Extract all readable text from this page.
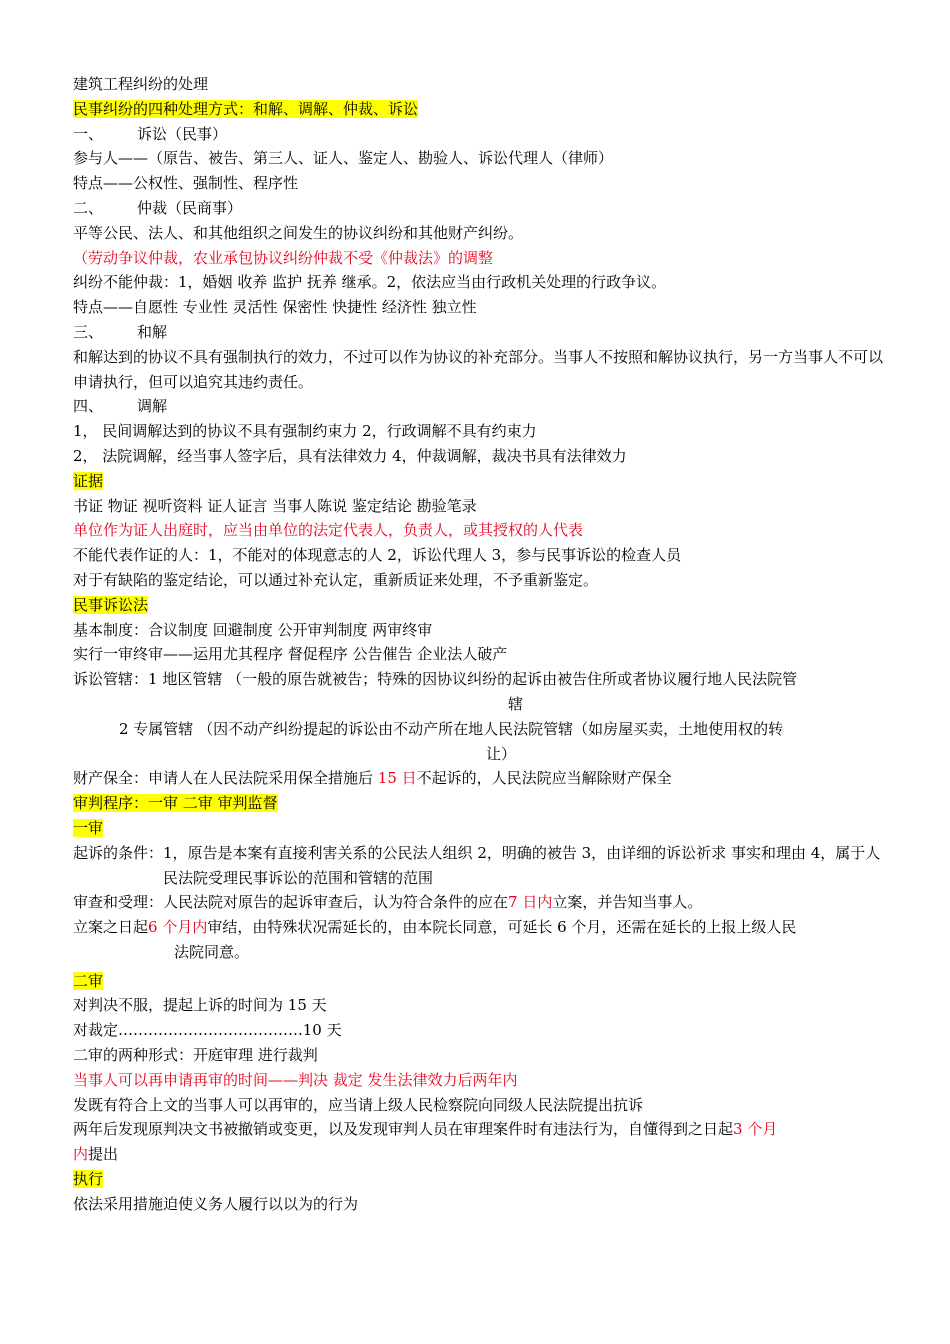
建筑工程纠纷的处理
民事纠纷的四种处理方式：和解、调解、仲裁、诉讼
一、 诉讼（民事）
参与人——（原告、被告、第三人、证人、鉴定人、勘验人、诉讼代理人（律师）
特点——公权性、强制性、程序性
二、 仲裁（民商事）
平等公民、法人、和其他组织之间发生的协议纠纷和其他财产纠纷。
（劳动争议仲裁，农业承包协议纠纷仲裁不受《仲裁法》的调整
纠纷不能仲裁：1，婚姻 收养 监护 抚养 继承。2，依法应当由行政机关处理的行政争议。
特点——自愿性 专业性 灵活性 保密性 快捷性 经济性 独立性
三、 和解
和解达到的协议不具有强制执行的效力，不过可以作为协议的补充部分。当事人不按照和解协议执行，另一方当事人不可以申请执行，但可以追究其违约责任。
四、 调解
1， 民间调解达到的协议不具有强制约束力 2，行政调解不具有约束力
2， 法院调解，经当事人签字后，具有法律效力 4，仲裁调解，裁决书具有法律效力
证据
书证 物证 视听资料 证人证言 当事人陈说 鉴定结论 勘验笔录
单位作为证人出庭时，应当由单位的法定代表人，负责人，或其授权的人代表
不能代表作证的人：1，不能对的体现意志的人 2，诉讼代理人 3，参与民事诉讼的检查人员
对于有缺陷的鉴定结论，可以通过补充认定，重新质证来处理，不予重新鉴定。
民事诉讼法
基本制度：合议制度 回避制度 公开审判制度 两审终审
实行一审终审——运用尤其程序 督促程序 公告催告 企业法人破产
诉讼管辖： 1 地区管辖 （一般的原告就被告；特殊的因协议纠纷的起诉由被告住所或者协议履行地人民法院管
辖
2 专属管辖 （因不动产纠纷提起的诉讼由不动产所在地人民法院管辖（如房屋买卖，土地使用权的转
让）
财产保全：申请人在人民法院采用保全措施后 15 日不起诉的，人民法院应当解除财产保全
审判程序：一审 二审 审判监督
一审
起诉的条件： 1，原告是本案有直接利害关系的公民法人组织 2，明确的被告 3，由详细的诉讼祈求 事实和理由 4，属于人民法院受理民事诉讼的范围和管辖的范围
审查和受理： 人民法院对原告的起诉审查后，认为符合条件的应在7 日内立案，并告知当事人。
立案之日起 6 个月内审结，由特殊状况需延长的，由本院长同意，可延长 6 个月，还需在延长的上报上级人民
法院同意。
二审
对判决不服，提起上诉的时间为 15 天
对裁定……………………………….10 天
二审的两种形式：开庭审理 进行裁判
当事人可以再申请再审的时间——判决 裁定 发生法律效力后两年内
发既有符合上文的当事人可以再审的，应当请上级人民检察院向同级人民法院提出抗诉
两年后发现原判决文书被撤销或变更，以及发现审判人员在审理案件时有违法行为，自懂得到之日起3 个月
内提出
执行
依法采用措施迫使义务人履行以以为的行为
